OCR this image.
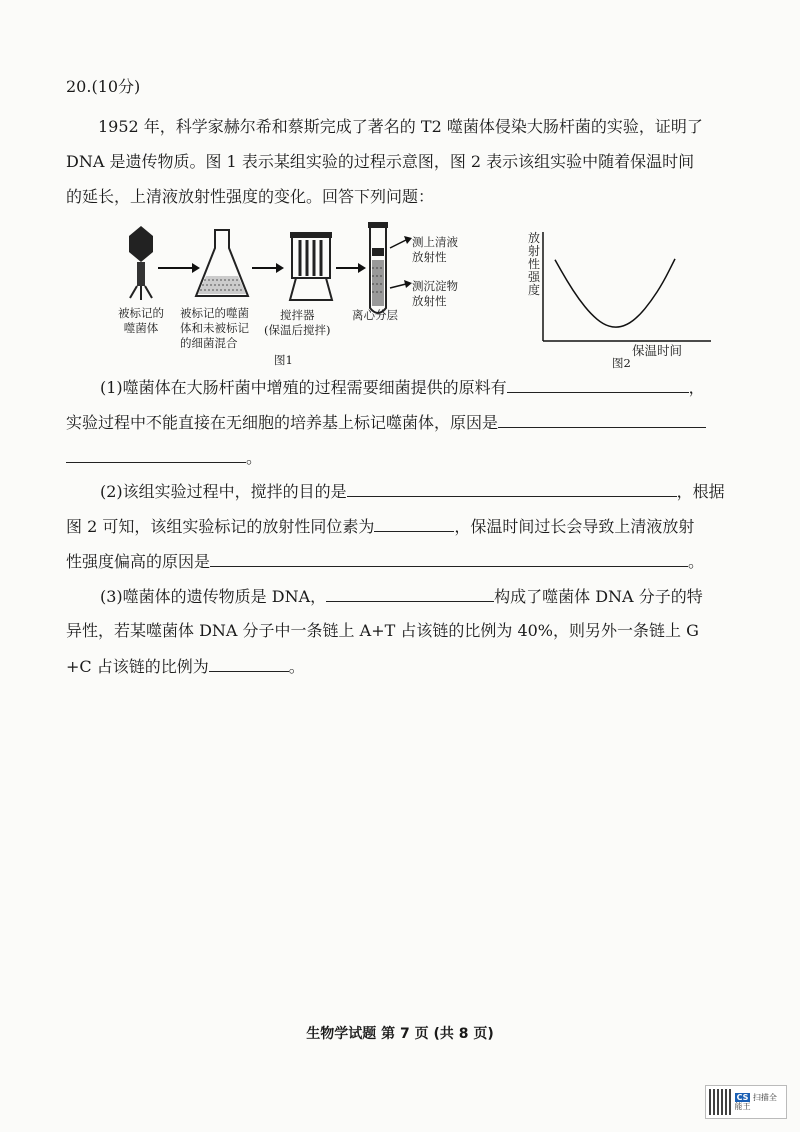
20.(10分)
1952 年，科学家赫尔希和蔡斯完成了著名的 T2 噬菌体侵染大肠杆菌的实验，证明了
DNA 是遗传物质。图 1 表示某组实验的过程示意图，图 2 表示该组实验中随着保温时间
的延长，上清液放射性强度的变化。回答下列问题：
被标记的
噬菌体
被标记的噬菌
体和未被标记
的细菌混合
搅拌器
(保温后搅拌)
离心分层
测上清液
放射性
测沉淀物
放射性
图1
放射性强度
保温时间
图2
(1)噬菌体在大肠杆菌中增殖的过程需要细菌提供的原料有	，
实验过程中不能直接在无细胞的培养基上标记噬菌体，原因是
。
(2)该组实验过程中，搅拌的目的是	，根据
图 2 可知，该组实验标记的放射性同位素为	，保温时间过长会导致上清液放射
性强度偏高的原因是	。
(3)噬菌体的遗传物质是 DNA，	构成了噬菌体 DNA 分子的特
异性，若某噬菌体 DNA 分子中一条链上 A+T 占该链的比例为 40%，则另外一条链上 G
+C 占该链的比例为	。
生物学试题 第 7 页 (共 8 页)
CS 扫描全能王
